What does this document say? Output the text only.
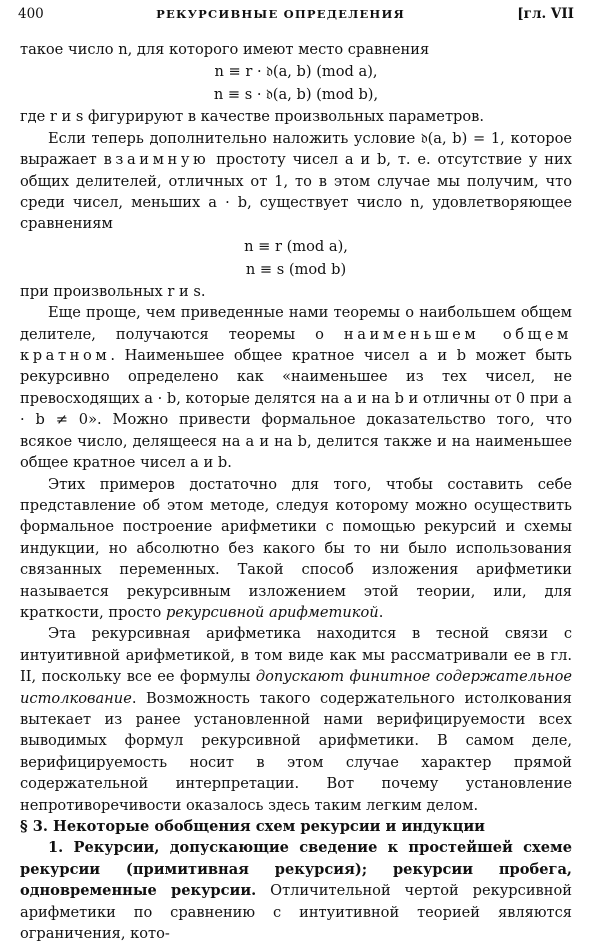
400	РЕКУРСИВНЫЕ ОПРЕДЕЛЕНИЯ	[гл. VII

такое число n, для которого имеют место сравнения

n ≡ r · 𝔡(a, b) (mod a),

n ≡ s · 𝔡(a, b) (mod b),

где r и s фигурируют в качестве произвольных параметров.

Если теперь дополнительно наложить условие 𝔡(a, b) = 1, которое выражает взаимную простоту чисел a и b, т. е. отсутствие у них общих делителей, отличных от 1, то в этом случае мы получим, что среди чисел, меньших a · b, существует число n, удовлетворяющее сравнениям

n ≡ r (mod a),

n ≡ s (mod b)

при произвольных r и s.

Еще проще, чем приведенные нами теоремы о наибольшем общем делителе, получаются теоремы о наименьшем общем кратном. Наименьшее общее кратное чисел a и b может быть рекурсивно определено как «наименьшее из тех чисел, не превосходящих a · b, которые делятся на a и на b и отличны от 0 при a · b ≠ 0». Можно привести формальное доказательство того, что всякое число, делящееся на a и на b, делится также и на наименьшее общее кратное чисел a и b.

Этих примеров достаточно для того, чтобы составить себе представление об этом методе, следуя которому можно осуществить формальное построение арифметики с помощью рекурсий и схемы индукции, но абсолютно без какого бы то ни было использования связанных переменных. Такой способ изложения арифметики называется рекурсивным изложением этой теории, или, для краткости, просто рекурсивной арифметикой.

Эта рекурсивная арифметика находится в тесной связи с интуитивной арифметикой, в том виде как мы рассматривали ее в гл. II, поскольку все ее формулы допускают финитное содержательное истолкование. Возможность такого содержательного истолкования вытекает из ранее установленной нами верифицируемости всех выводимых формул рекурсивной арифметики. В самом деле, верифицируемость носит в этом случае характер прямой содержательной интерпретации. Вот почему установление непротиворечивости оказалось здесь таким легким делом.

§ 3. Некоторые обобщения схем рекурсии и индукции

1. Рекурсии, допускающие сведение к простейшей схеме рекурсии (примитивная рекурсия); рекурсии пробега, одновременные рекурсии. Отличительной чертой рекурсивной арифметики по сравнению с интуитивной теорией являются ограничения, кото-
